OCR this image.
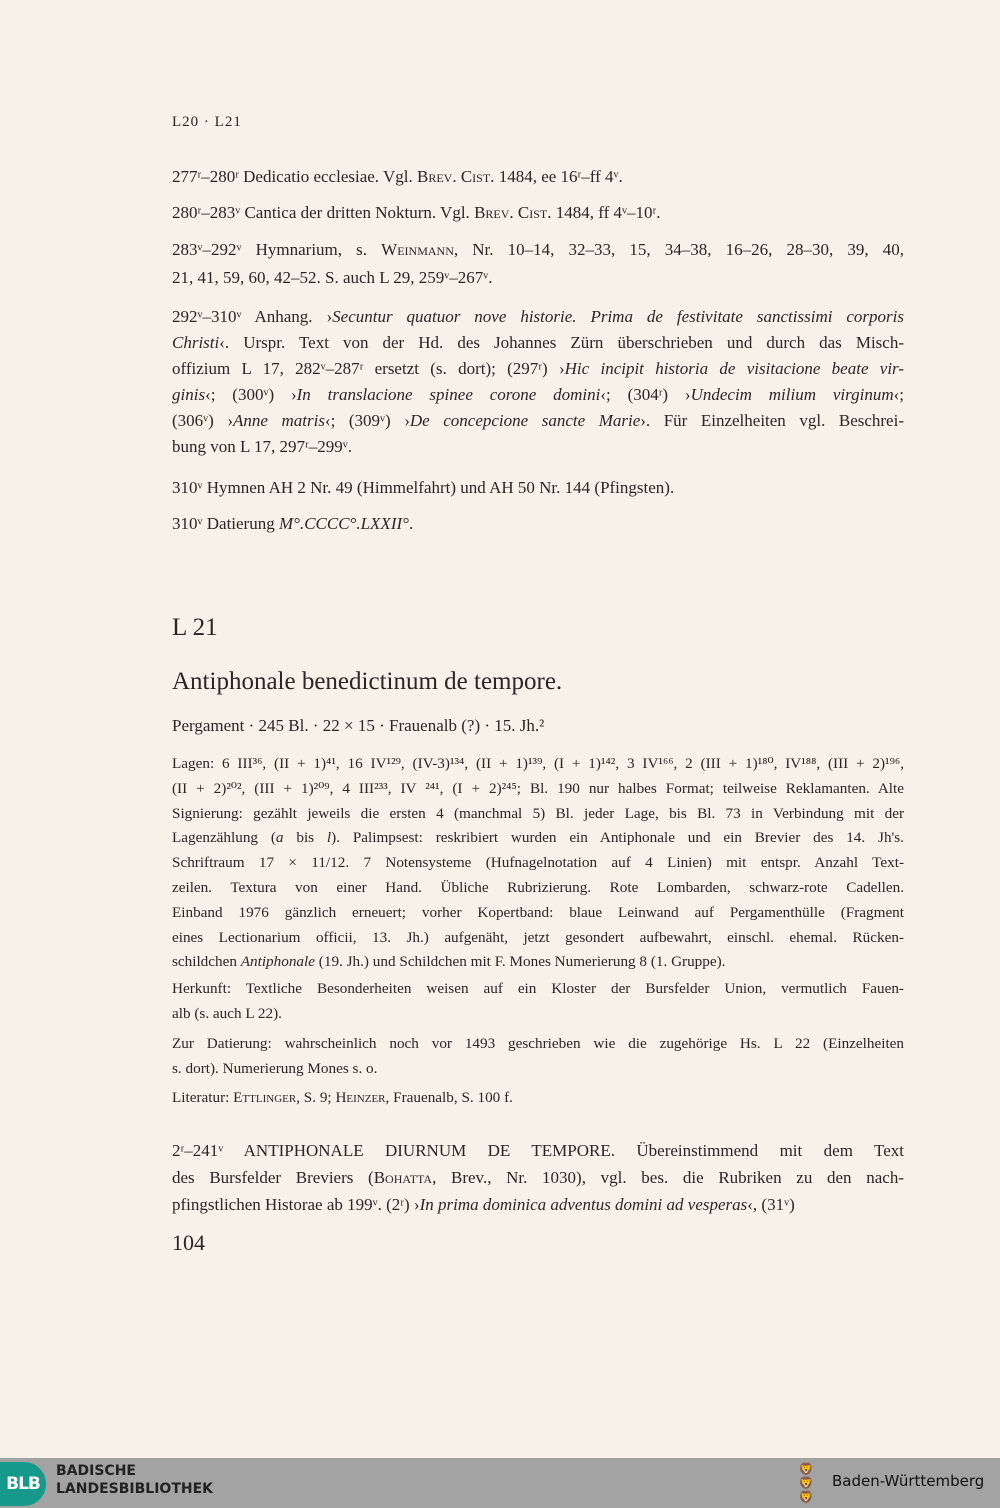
L20 · L21
277ʳ–280ʳ Dedicatio ecclesiae. Vgl. Brev. Cist. 1484, ee 16ʳ–ff 4ᵛ.
280ʳ–283ᵛ Cantica der dritten Nokturn. Vgl. Brev. Cist. 1484, ff 4ᵛ–10ʳ.
283ᵛ–292ᵛ Hymnarium, s. Weinmann, Nr. 10–14, 32–33, 15, 34–38, 16–26, 28–30, 39, 40,
21, 41, 59, 60, 42–52. S. auch L 29, 259ᵛ–267ᵛ.
292ᵛ–310ᵛ Anhang. ›Secuntur quatuor nove historie. Prima de festivitate sanctissimi corporis
Christi‹. Urspr. Text von der Hd. des Johannes Zürn überschrieben und durch das Misch-
offizium L 17, 282ᵛ–287ʳ ersetzt (s. dort); (297ʳ) ›Hic incipit historia de visitacione beate vir-
ginis‹; (300ᵛ) ›In translacione spinee corone domini‹; (304ʳ) ›Undecim milium virginum‹;
(306ᵛ) ›Anne matris‹; (309ᵛ) ›De concepcione sancte Marie›. Für Einzelheiten vgl. Beschrei-
bung von L 17, 297ʳ–299ᵛ.
310ᵛ Hymnen AH 2 Nr. 49 (Himmelfahrt) und AH 50 Nr. 144 (Pfingsten).
310ᵛ Datierung M°.CCCC°.LXXII°.
L 21
Antiphonale benedictinum de tempore.
Pergament · 245 Bl. · 22 × 15 · Frauenalb (?) · 15. Jh.²
Lagen: 6 III³⁶, (II + 1)⁴¹, 16 IV¹²⁹, (IV-3)¹³⁴, (II + 1)¹³⁹, (I + 1)¹⁴², 3 IV¹⁶⁶, 2 (III + 1)¹⁸⁰, IV¹⁸⁸, (III + 2)¹⁹⁶,
(II + 2)²⁰², (III + 1)²⁰⁹, 4 III²³³, IV ²⁴¹, (I + 2)²⁴⁵; Bl. 190 nur halbes Format; teilweise Reklamanten. Alte
Signierung: gezählt jeweils die ersten 4 (manchmal 5) Bl. jeder Lage, bis Bl. 73 in Verbindung mit der
Lagenzählung (a bis l). Palimpsest: reskribiert wurden ein Antiphonale und ein Brevier des 14. Jh's.
Schriftraum 17 × 11/12. 7 Notensysteme (Hufnagelnotation auf 4 Linien) mit entspr. Anzahl Text-
zeilen. Textura von einer Hand. Übliche Rubrizierung. Rote Lombarden, schwarz-rote Cadellen.
Einband 1976 gänzlich erneuert; vorher Kopertband: blaue Leinwand auf Pergamenthülle (Fragment
eines Lectionarium officii, 13. Jh.) aufgenäht, jetzt gesondert aufbewahrt, einschl. ehemal. Rücken-
schildchen Antiphonale (19. Jh.) und Schildchen mit F. Mones Numerierung 8 (1. Gruppe).
Herkunft: Textliche Besonderheiten weisen auf ein Kloster der Bursfelder Union, vermutlich Fauen-
alb (s. auch L 22).
Zur Datierung: wahrscheinlich noch vor 1493 geschrieben wie die zugehörige Hs. L 22 (Einzelheiten
s. dort). Numerierung Mones s. o.
Literatur: Ettlinger, S. 9; Heinzer, Frauenalb, S. 100 f.
2ʳ–241ᵛ ANTIPHONALE DIURNUM DE TEMPORE. Übereinstimmend mit dem Text
des Bursfelder Breviers (Bohatta, Brev., Nr. 1030), vgl. bes. die Rubriken zu den nach-
pfingstlichen Historae ab 199ᵛ. (2ʳ) ›In prima dominica adventus domini ad vesperas‹, (31ᵛ)
104
BLB
BADISCHE
LANDESBIBLIOTHEK
🦁
🦁
🦁
Baden-Württemberg
